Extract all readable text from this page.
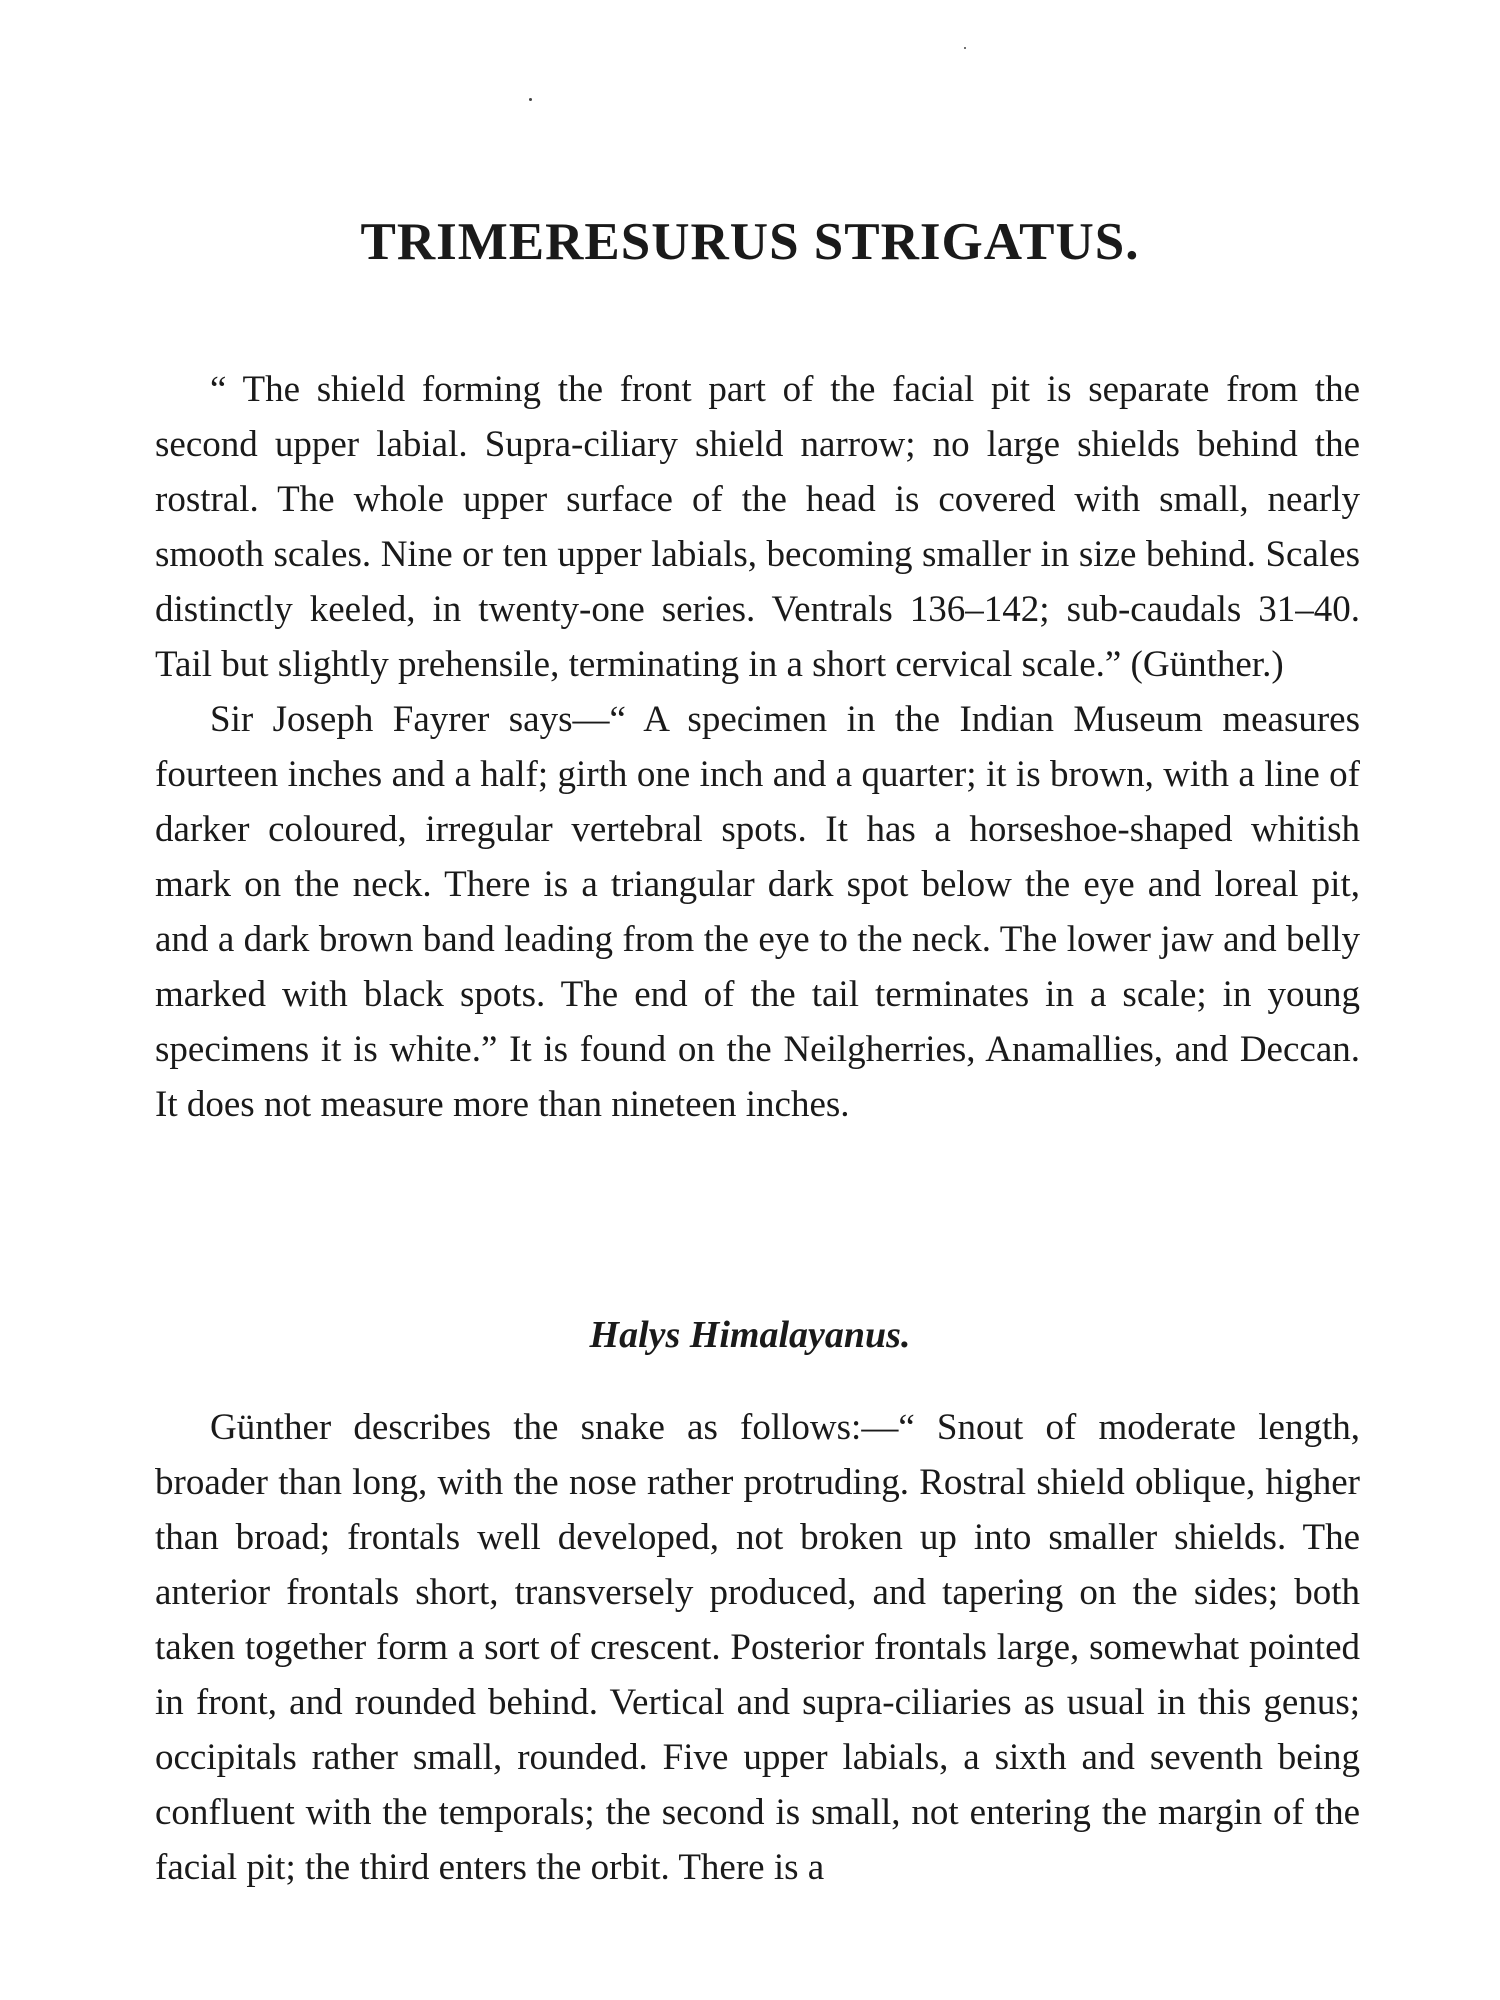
TRIMERESURUS STRIGATUS.

“ The shield forming the front part of the facial pit is separate from the second upper labial. Supra-ciliary shield narrow; no large shields behind the rostral. The whole upper surface of the head is covered with small, nearly smooth scales. Nine or ten upper labials, becoming smaller in size behind. Scales distinctly keeled, in twenty-one series. Ventrals 136–142; sub-caudals 31–40. Tail but slightly prehensile, terminating in a short cervical scale.” (Günther.)

Sir Joseph Fayrer says—“ A specimen in the Indian Museum measures fourteen inches and a half; girth one inch and a quarter; it is brown, with a line of darker coloured, irregular vertebral spots. It has a horseshoe-shaped whitish mark on the neck. There is a triangular dark spot below the eye and loreal pit, and a dark brown band leading from the eye to the neck. The lower jaw and belly marked with black spots. The end of the tail terminates in a scale; in young specimens it is white.” It is found on the Neilgherries, Anamallies, and Deccan. It does not measure more than nineteen inches.

Halys Himalayanus.

Günther describes the snake as follows:—“ Snout of moderate length, broader than long, with the nose rather protruding. Rostral shield oblique, higher than broad; frontals well developed, not broken up into smaller shields. The anterior frontals short, transversely produced, and tapering on the sides; both taken together form a sort of crescent. Posterior frontals large, somewhat pointed in front, and rounded behind. Vertical and supra-ciliaries as usual in this genus; occipitals rather small, rounded. Five upper labials, a sixth and seventh being confluent with the temporals; the second is small, not entering the margin of the facial pit; the third enters the orbit. There is a
